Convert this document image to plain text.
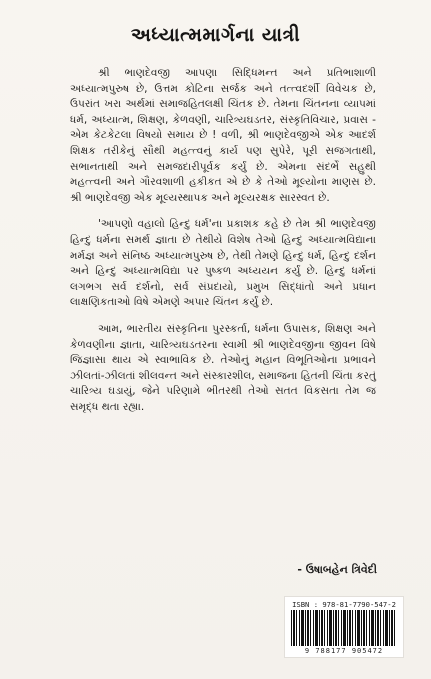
અધ્યાત્મમાર્ગના યાત્રી

શ્રી ભાણદેવજી આપણા સિદ્ધિમન્ત અને પ્રતિભાશાળી અધ્યાત્મપુરુષ છે, ઉત્તમ કોટિના સર્જક અને તત્ત્વદર્શી વિવેચક છે, ઉપરાંત ખરા અર્થમાં સમાજહિતલક્ષી ચિંતક છે. તેમના ચિંતનના વ્યાપમાં ધર્મ, અધ્યાત્મ, શિક્ષણ, કેળવણી, ચારિત્ર્યઘડતર, સંસ્કૃતિવિચાર, પ્રવાસ - એમ કેટકેટલા વિષયો સમાય છે ! વળી, શ્રી ભાણદેવજીએ એક આદર્શ શિક્ષક તરીકેનું સૌથી મહત્ત્વનું કાર્ય પણ સુપેરે, પૂરી સજગતાથી, સભાનતાથી અને સમજદારીપૂર્વક કર્યું છે. એમના સંદર્ભે સહુથી મહત્ત્વની અને ગૌરવશાળી હકીકત એ છે કે તેઓ મૂલ્યોના માણસ છે. શ્રી ભાણદેવજી એક મૂલ્યસ્થાપક અને મૂલ્યરક્ષક સારસ્વત છે.

'આપણો વહાલો હિન્દુ ધર્મ'ના પ્રકાશક કહે છે તેમ શ્રી ભાણદેવજી હિન્દુ ધર્મના સમર્થ જ્ઞાતા છે તેથીયે વિશેષ તેઓ હિન્દુ અધ્યાત્મવિદ્યાના મર્મજ્ઞ અને સંનિષ્ઠ અધ્યાત્મપુરુષ છે, તેથી તેમણે હિન્દુ ધર્મ, હિન્દુ દર્શન અને હિન્દુ અધ્યાત્મવિદ્યા પર પુષ્કળ અધ્યયન કર્યું છે. હિન્દુ ધર્મનાં લગભગ સર્વ દર્શનો, સર્વ સંપ્રદાયો, પ્રમુખ સિદ્ધાંતો અને પ્રધાન લાક્ષણિકતાઓ વિષે એમણે અપાર ચિંતન કર્યું છે.

આમ, ભારતીય સંસ્કૃતિના પુરસ્કર્તા, ધર્મના ઉપાસક, શિક્ષણ અને કેળવણીના જ્ઞાતા, ચારિત્ર્યઘડતરના સ્વામી શ્રી ભાણદેવજીના જીવન વિષે જિજ્ઞાસા થાય એ સ્વાભાવિક છે. તેઓનું મહાન વિભૂતિઓના પ્રભાવને ઝીલતાં-ઝીલતાં શીલવન્ત અને સંસ્કારશીલ, સમાજના હિતની ચિંતા કરતું ચારિત્ર્ય ઘડાયું, જેને પરિણામે ભીતરથી તેઓ સતત વિકસતા તેમ જ સમૃદ્ધ થતા રહ્યા.

- ઉષાબહેન ત્રિવેદી
ISBN : 978-81-7790-547-2
9 788177 905472
